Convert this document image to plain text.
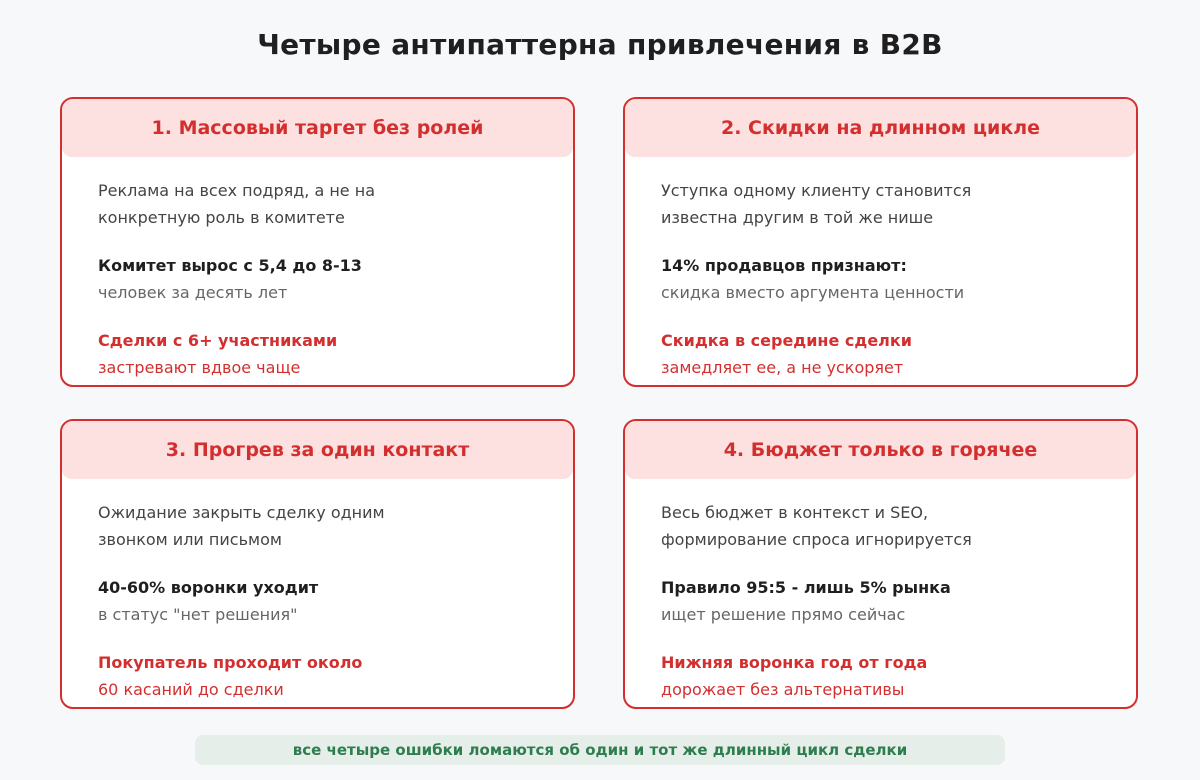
Четыре антипаттерна привлечения в B2B
1. Массовый таргет без ролей
Реклама на всех подряд, а не на
конкретную роль в комитете
Комитет вырос с 5,4 до 8-13
человек за десять лет
Сделки с 6+ участниками
застревают вдвое чаще
2. Скидки на длинном цикле
Уступка одному клиенту становится
известна другим в той же нише
14% продавцов признают:
скидка вместо аргумента ценности
Скидка в середине сделки
замедляет ее, а не ускоряет
3. Прогрев за один контакт
Ожидание закрыть сделку одним
звонком или письмом
40-60% воронки уходит
в статус "нет решения"
Покупатель проходит около
60 касаний до сделки
4. Бюджет только в горячее
Весь бюджет в контекст и SEO,
формирование спроса игнорируется
Правило 95:5 - лишь 5% рынка
ищет решение прямо сейчас
Нижняя воронка год от года
дорожает без альтернативы
все четыре ошибки ломаются об один и тот же длинный цикл сделки
